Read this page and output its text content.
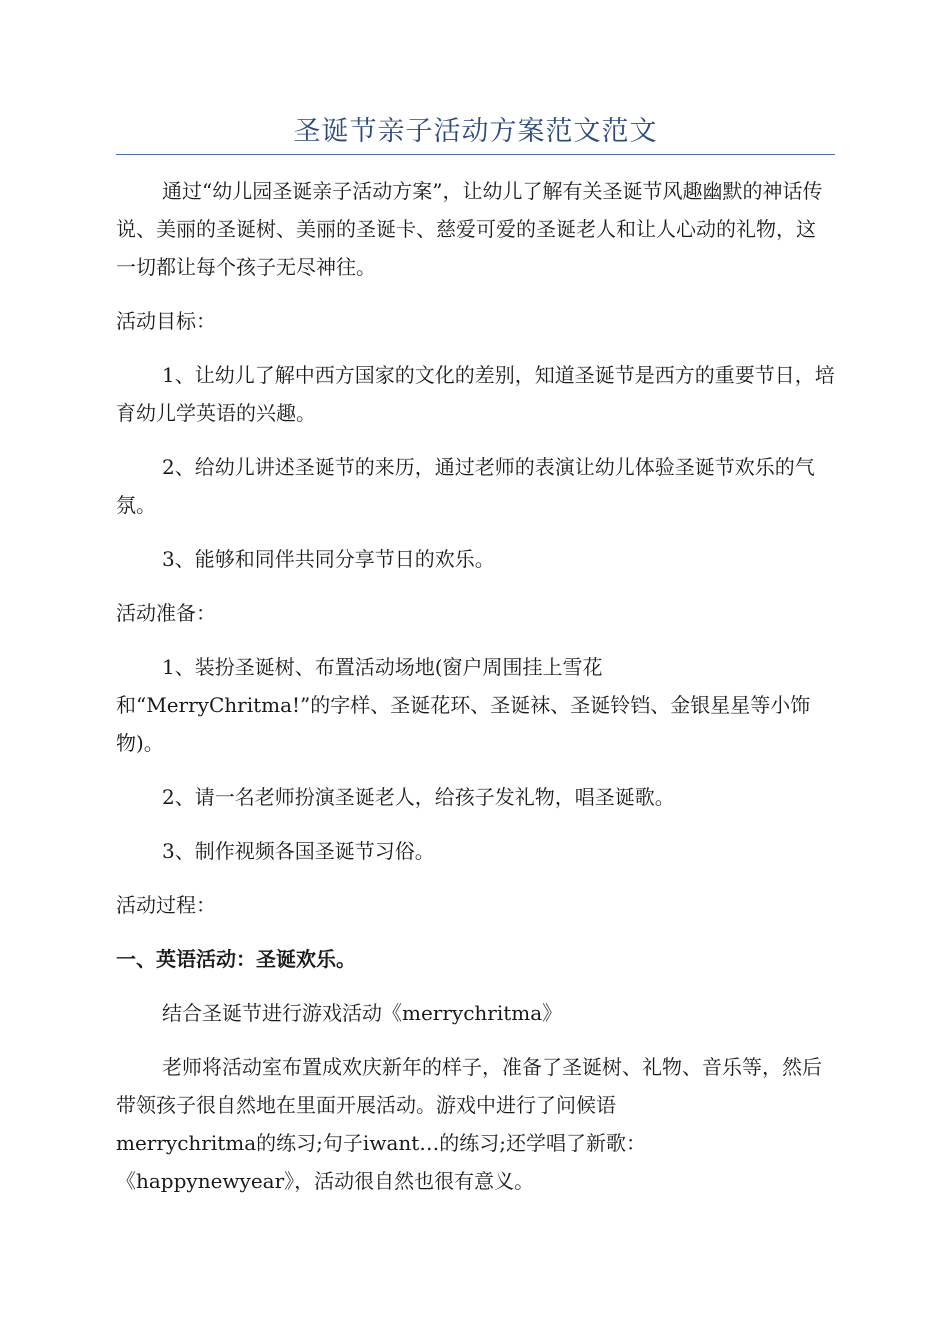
圣诞节亲子活动方案范文范文

通过“幼儿园圣诞亲子活动方案”，让幼儿了解有关圣诞节风趣幽默的神话传说、美丽的圣诞树、美丽的圣诞卡、慈爱可爱的圣诞老人和让人心动的礼物，这一切都让每个孩子无尽神往。

活动目标：

1、让幼儿了解中西方国家的文化的差别，知道圣诞节是西方的重要节日，培育幼儿学英语的兴趣。

2、给幼儿讲述圣诞节的来历，通过老师的表演让幼儿体验圣诞节欢乐的气氛。

3、能够和同伴共同分享节日的欢乐。

活动准备：

1、装扮圣诞树、布置活动场地(窗户周围挂上雪花

和“MerryChritma!”的字样、圣诞花环、圣诞袜、圣诞铃铛、金银星星等小饰物)。

2、请一名老师扮演圣诞老人，给孩子发礼物，唱圣诞歌。

3、制作视频各国圣诞节习俗。

活动过程：

一、英语活动：圣诞欢乐。

结合圣诞节进行游戏活动《merrychritma》

老师将活动室布置成欢庆新年的样子，准备了圣诞树、礼物、音乐等，然后带领孩子很自然地在里面开展活动。游戏中进行了问候语

merrychritma的练习;句子iwant…的练习;还学唱了新歌：

《happynewyear》，活动很自然也很有意义。
